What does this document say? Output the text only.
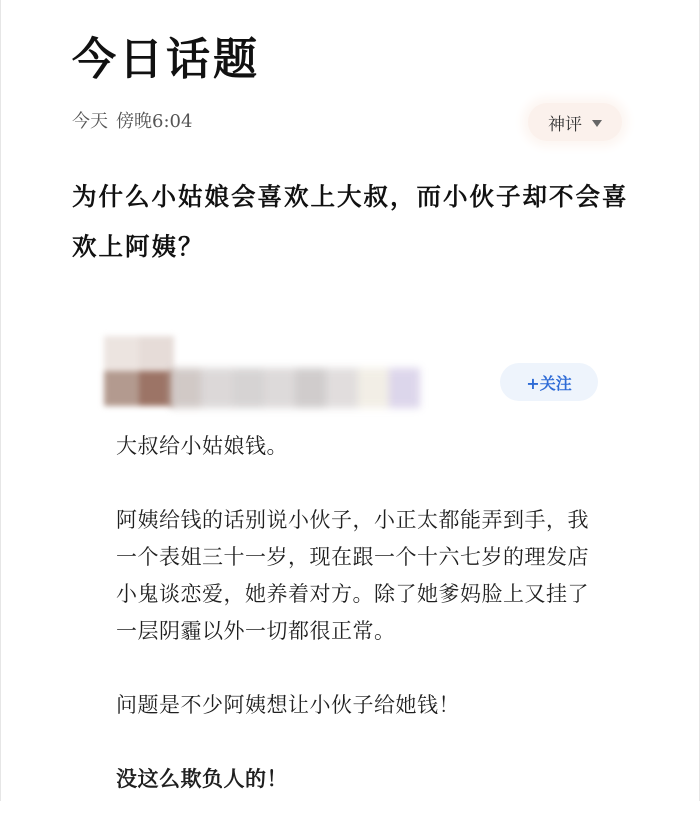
今日话题
今天 傍晚6:04	神评
为什么小姑娘会喜欢上大叔，而小伙子却不会喜欢上阿姨？
+关注

大叔给小姑娘钱。

阿姨给钱的话别说小伙子，小正太都能弄到手，我一个表姐三十一岁，现在跟一个十六七岁的理发店小鬼谈恋爱，她养着对方。除了她爹妈脸上又挂了一层阴霾以外一切都很正常。

问题是不少阿姨想让小伙子给她钱！

没这么欺负人的！
